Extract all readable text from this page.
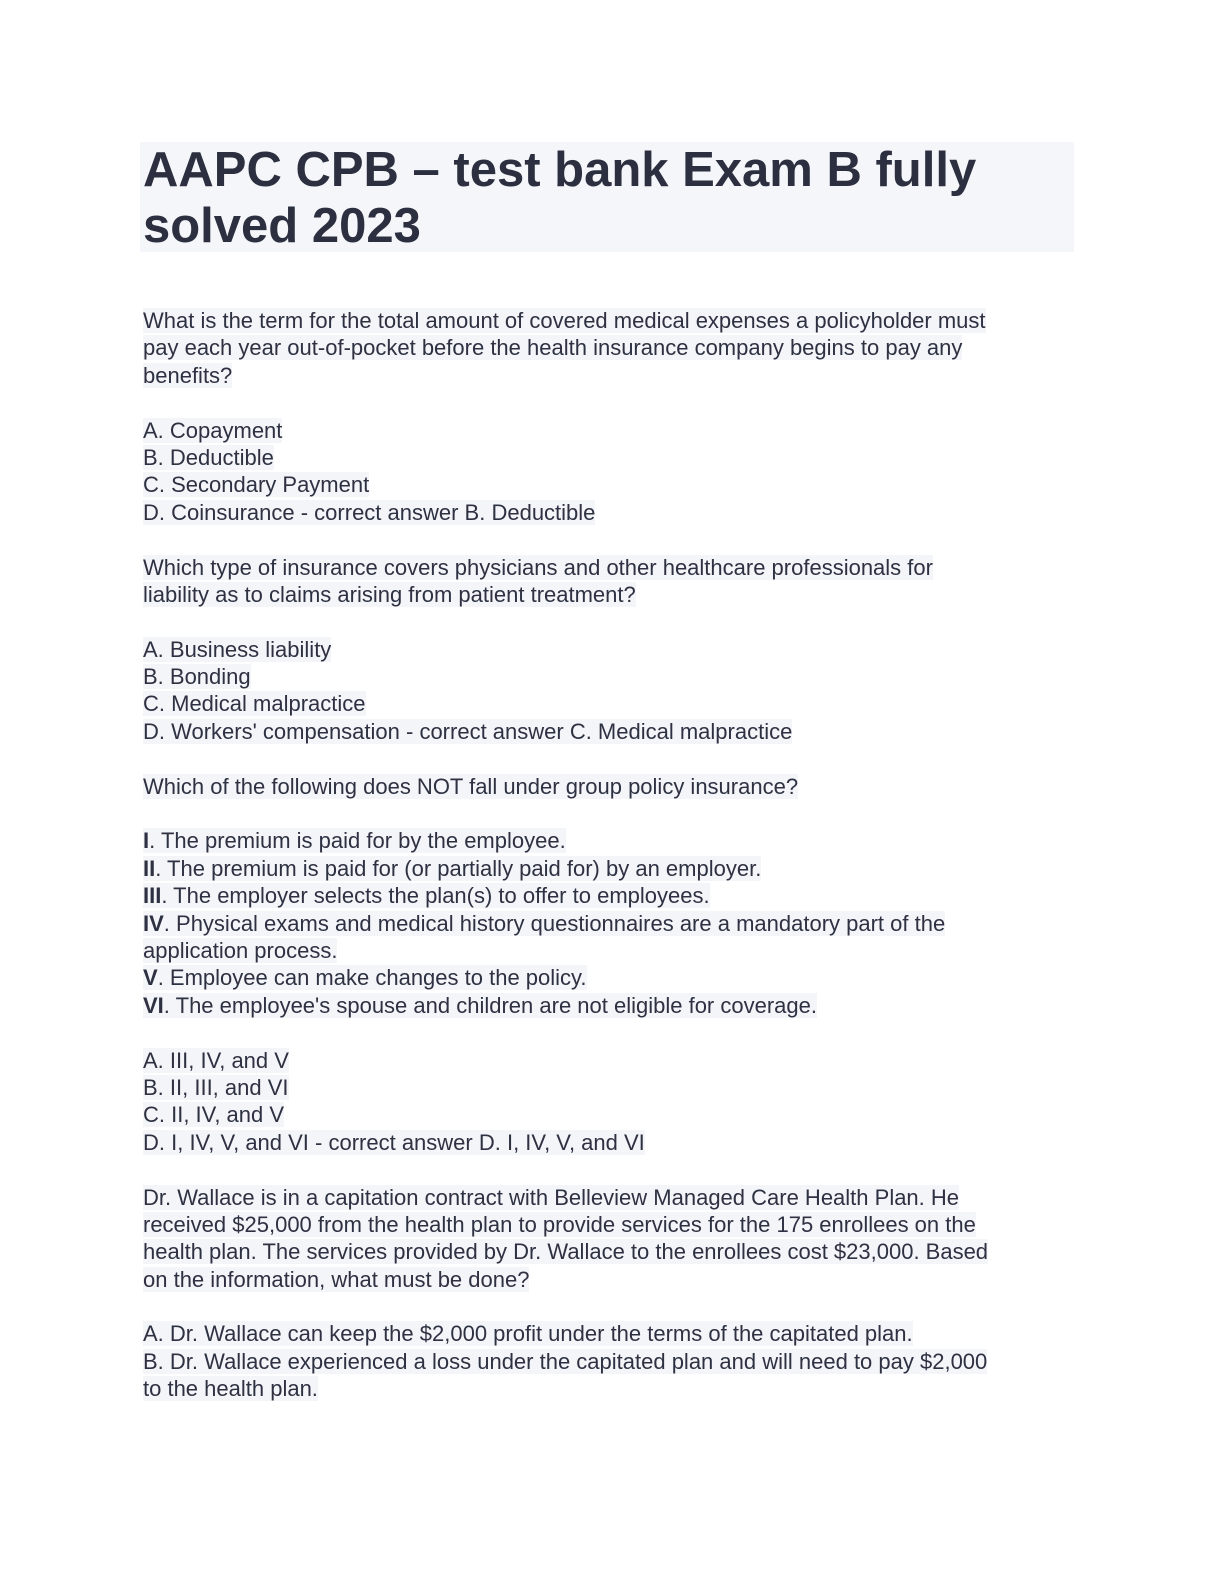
AAPC CPB – test bank Exam B fully
solved 2023
What is the term for the total amount of covered medical expenses a policyholder must
pay each year out-of-pocket before the health insurance company begins to pay any
benefits?
A. Copayment
B. Deductible
C. Secondary Payment
D. Coinsurance - correct answer B. Deductible
Which type of insurance covers physicians and other healthcare professionals for
liability as to claims arising from patient treatment?
A. Business liability
B. Bonding
C. Medical malpractice
D. Workers' compensation - correct answer C. Medical malpractice
Which of the following does NOT fall under group policy insurance?
I. The premium is paid for by the employee.
II. The premium is paid for (or partially paid for) by an employer.
III. The employer selects the plan(s) to offer to employees.
IV. Physical exams and medical history questionnaires are a mandatory part of the
application process.
V. Employee can make changes to the policy.
VI. The employee's spouse and children are not eligible for coverage.
A. III, IV, and V
B. II, III, and VI
C. II, IV, and V
D. I, IV, V, and VI - correct answer D. I, IV, V, and VI
Dr. Wallace is in a capitation contract with Belleview Managed Care Health Plan. He
received $25,000 from the health plan to provide services for the 175 enrollees on the
health plan. The services provided by Dr. Wallace to the enrollees cost $23,000. Based
on the information, what must be done?
A. Dr. Wallace can keep the $2,000 profit under the terms of the capitated plan.
B. Dr. Wallace experienced a loss under the capitated plan and will need to pay $2,000
to the health plan.
